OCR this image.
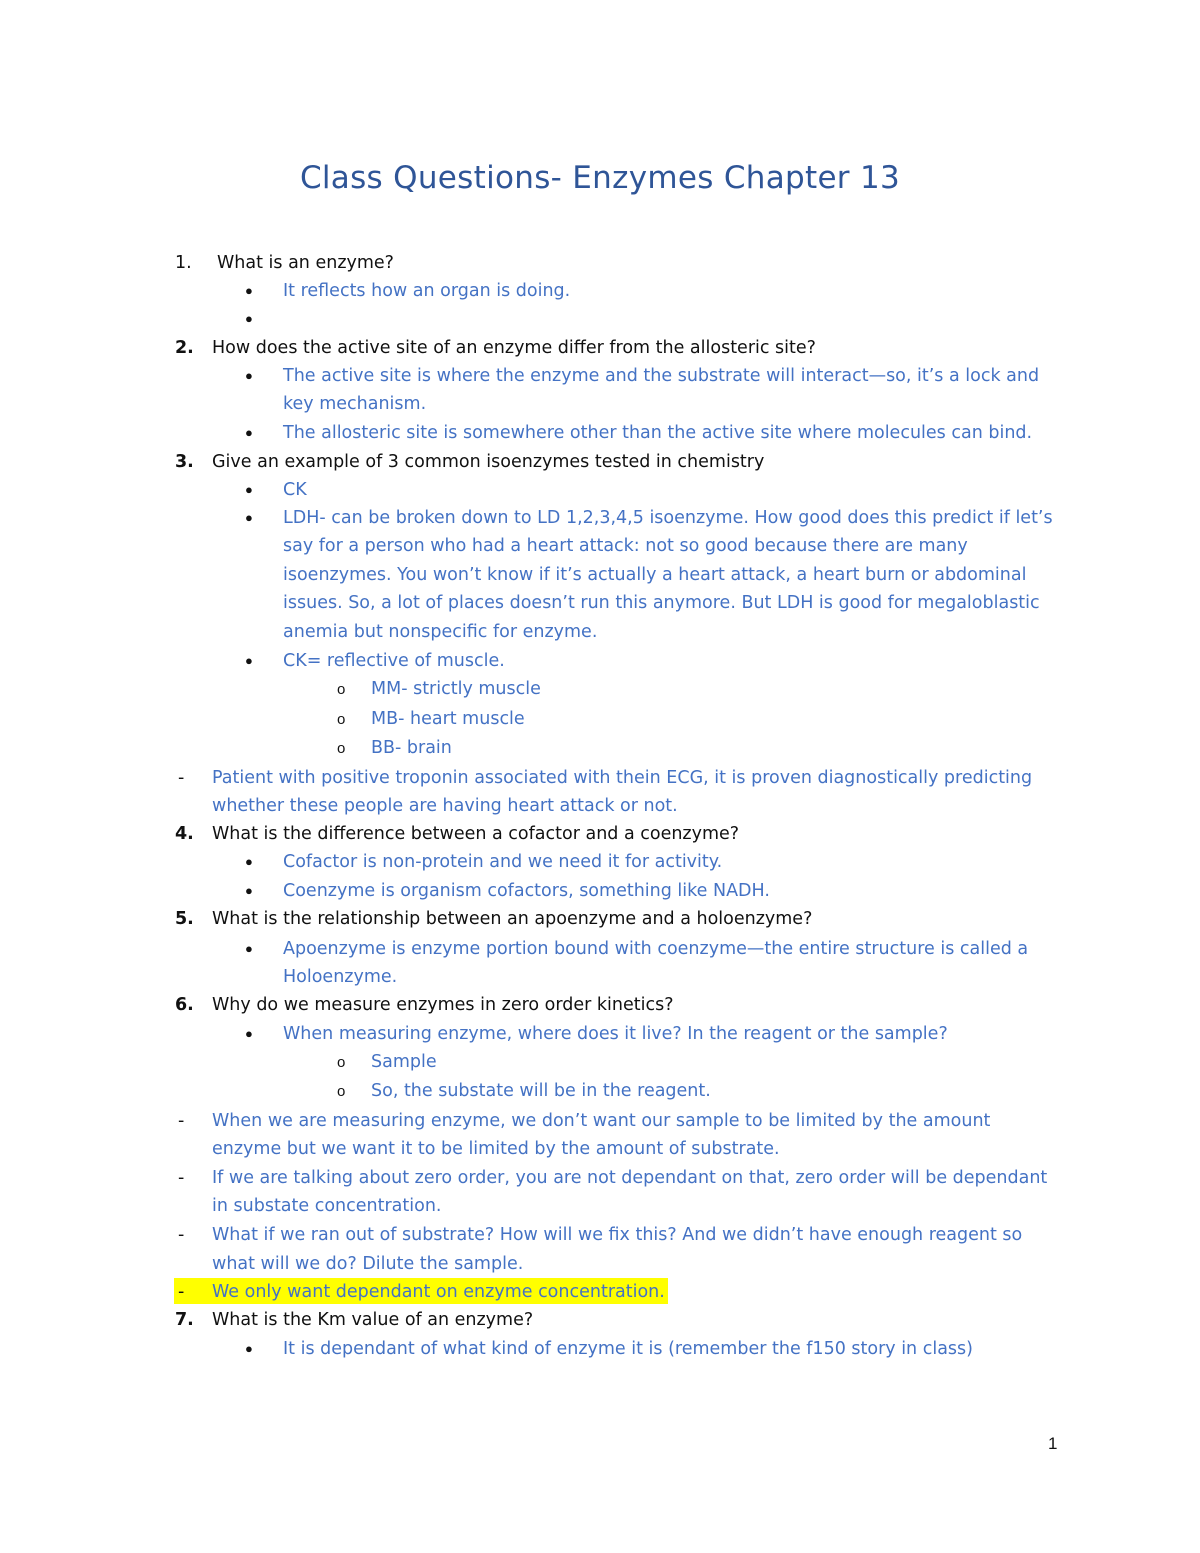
Class Questions- Enzymes Chapter 13
1. What is an enzyme?
● It reflects how an organ is doing.
●
2. How does the active site of an enzyme differ from the allosteric site?
● The active site is where the enzyme and the substrate will interact—so, it’s a lock and
key mechanism.
● The allosteric site is somewhere other than the active site where molecules can bind.
3. Give an example of 3 common isoenzymes tested in chemistry
● CK
● LDH- can be broken down to LD 1,2,3,4,5 isoenzyme. How good does this predict if let’s
say for a person who had a heart attack: not so good because there are many
isoenzymes. You won’t know if it’s actually a heart attack, a heart burn or abdominal
issues. So, a lot of places doesn’t run this anymore. But LDH is good for megaloblastic
anemia but nonspecific for enzyme.
● CK= reflective of muscle.
o MM- strictly muscle
o MB- heart muscle
o BB- brain
- Patient with positive troponin associated with thein ECG, it is proven diagnostically predicting
whether these people are having heart attack or not.
4. What is the difference between a cofactor and a coenzyme?
● Cofactor is non-protein and we need it for activity.
● Coenzyme is organism cofactors, something like NADH.
5. What is the relationship between an apoenzyme and a holoenzyme?
● Apoenzyme is enzyme portion bound with coenzyme—the entire structure is called a
Holoenzyme.
6. Why do we measure enzymes in zero order kinetics?
● When measuring enzyme, where does it live? In the reagent or the sample?
o Sample
o So, the substate will be in the reagent.
- When we are measuring enzyme, we don’t want our sample to be limited by the amount
enzyme but we want it to be limited by the amount of substrate.
- If we are talking about zero order, you are not dependant on that, zero order will be dependant
in substate concentration.
- What if we ran out of substrate? How will we fix this? And we didn’t have enough reagent so
what will we do? Dilute the sample.
- We only want dependant on enzyme concentration.
7. What is the Km value of an enzyme?
● It is dependant of what kind of enzyme it is (remember the f150 story in class)
1
